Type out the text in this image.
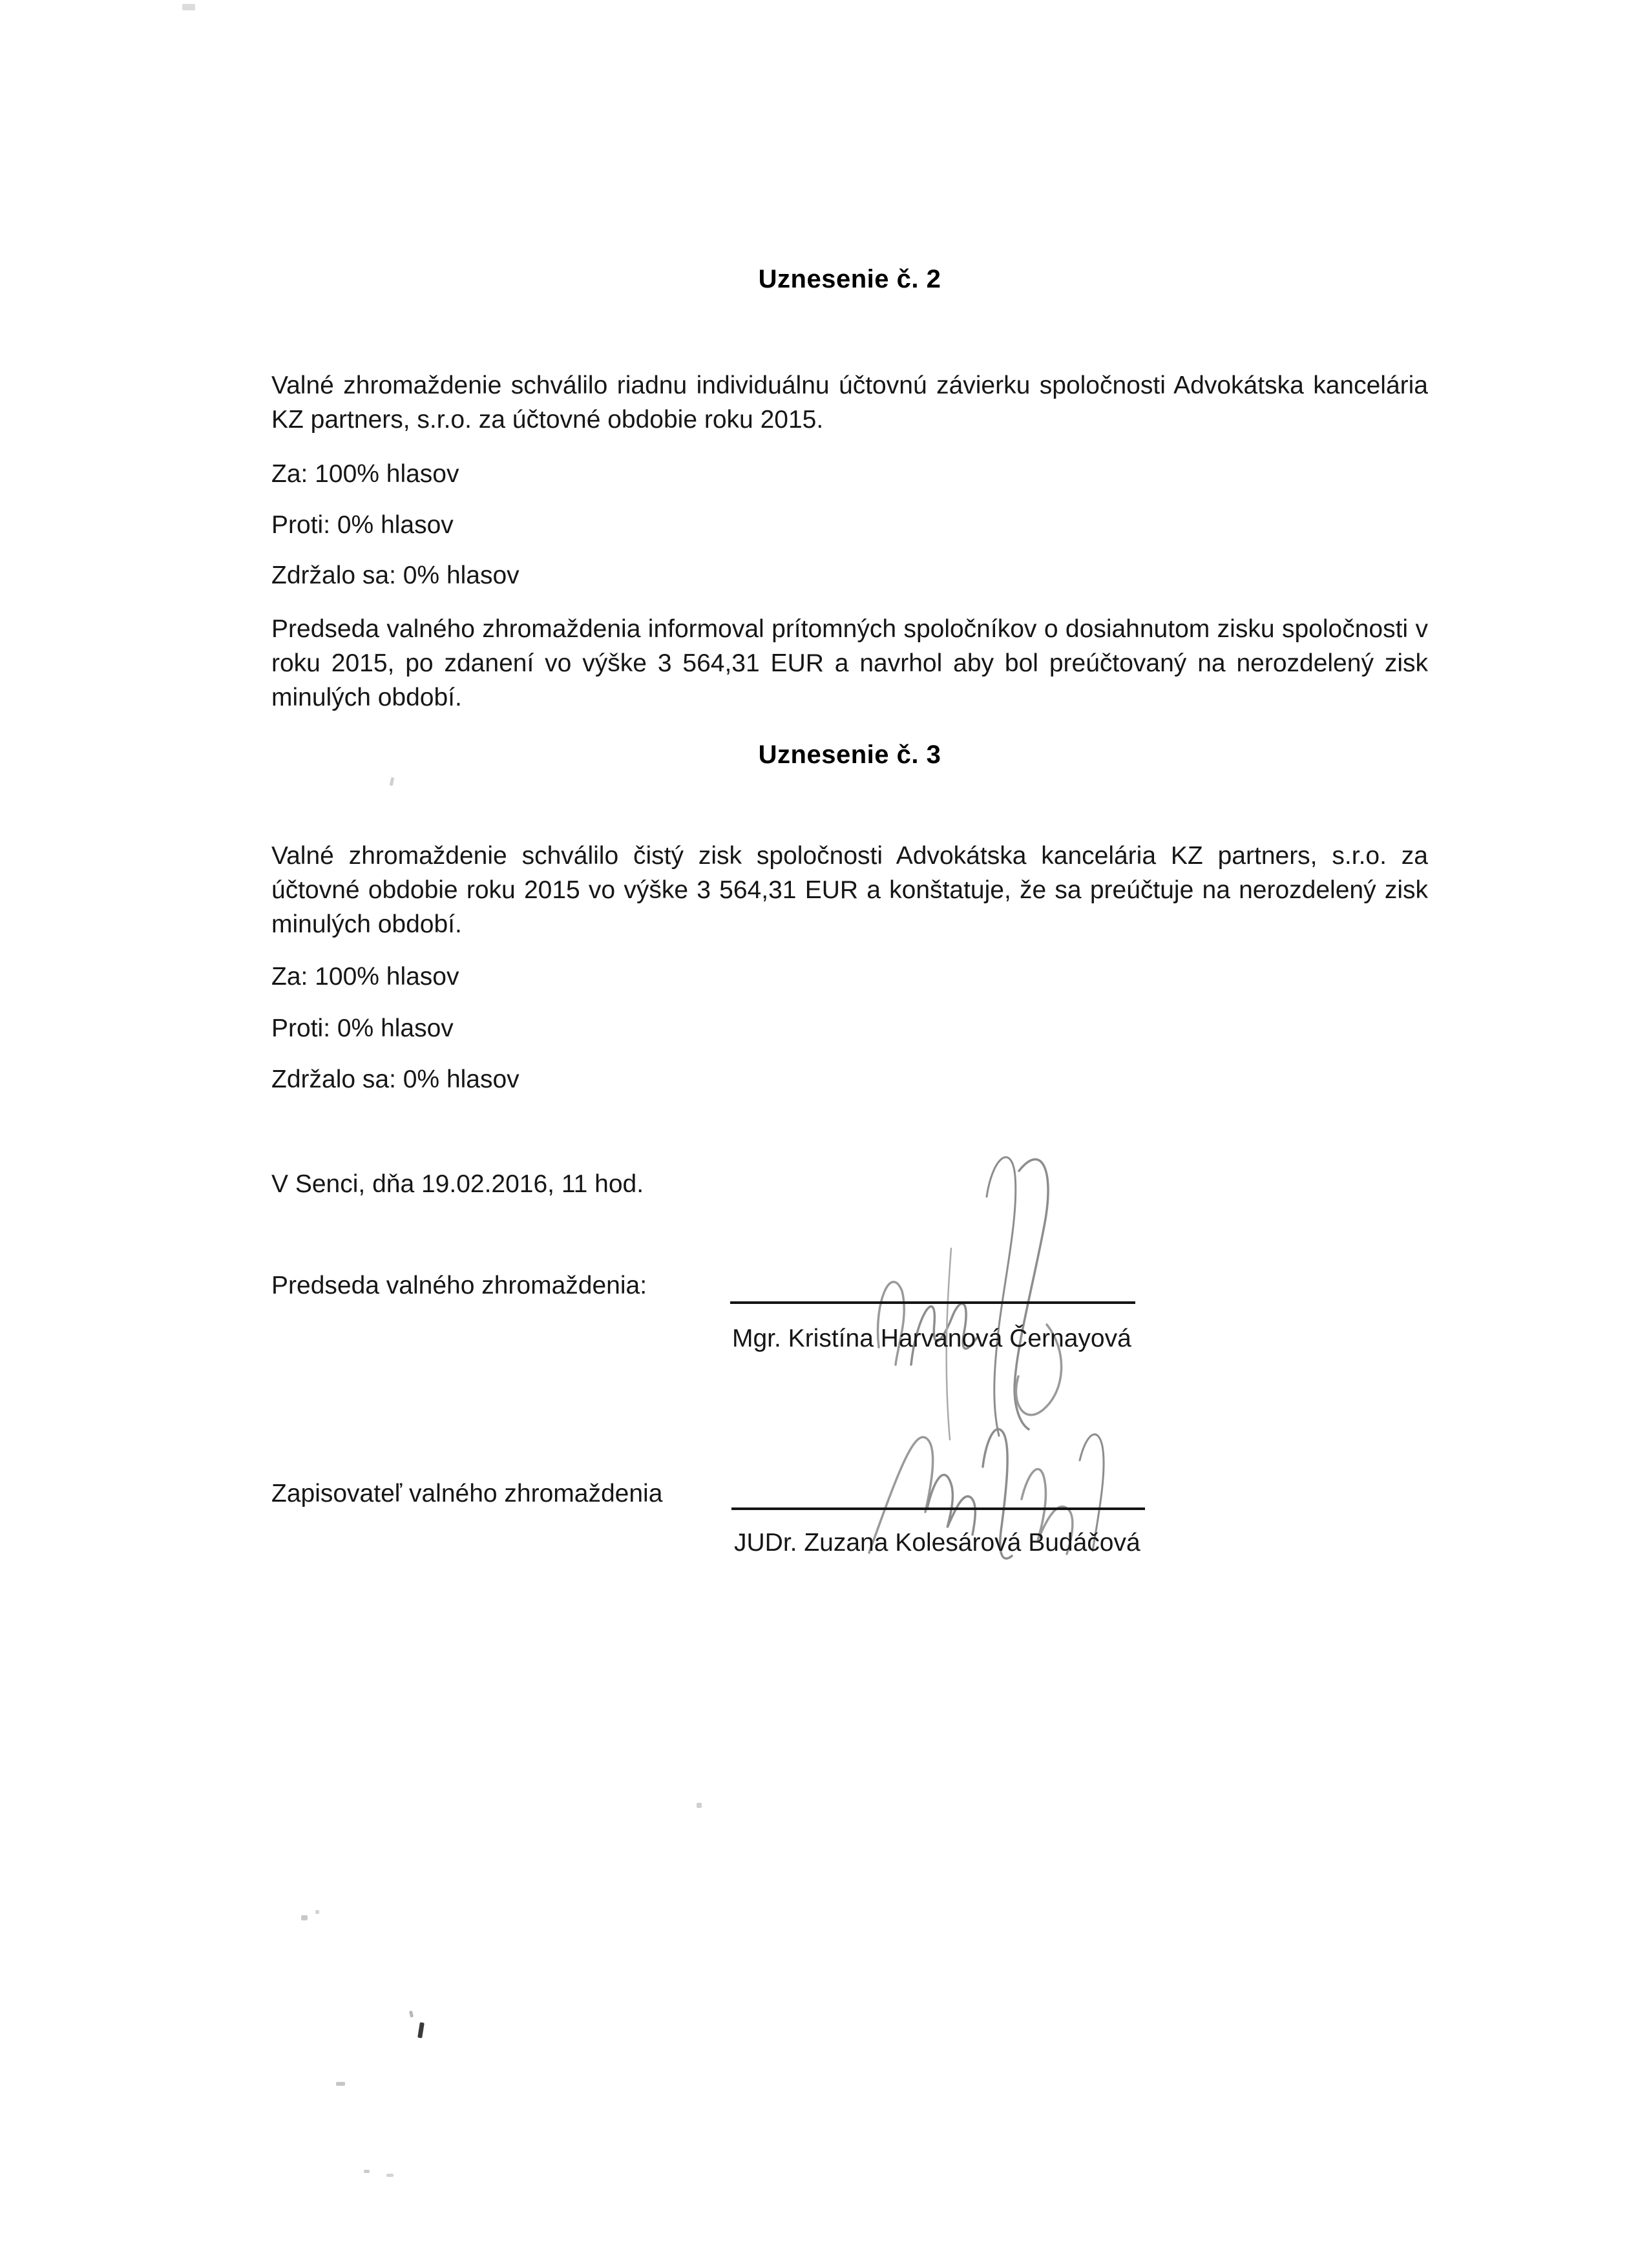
Uznesenie č. 2
Valné zhromaždenie schválilo riadnu individuálnu účtovnú závierku spoločnosti Advokátska kancelária KZ partners, s.r.o. za účtovné obdobie roku 2015.
Za: 100% hlasov
Proti: 0% hlasov
Zdržalo sa: 0% hlasov
Predseda valného zhromaždenia informoval prítomných spoločníkov o dosiahnutom zisku spoločnosti v roku 2015, po zdanení vo výške 3 564,31 EUR a navrhol aby bol preúčtovaný na nerozdelený zisk minulých období.
Uznesenie č. 3
Valné zhromaždenie schválilo čistý zisk spoločnosti Advokátska kancelária KZ partners, s.r.o. za účtovné obdobie roku 2015 vo výške 3 564,31 EUR a konštatuje, že sa preúčtuje na nerozdelený zisk minulých období.
Za: 100% hlasov
Proti: 0% hlasov
Zdržalo sa: 0% hlasov
V Senci, dňa 19.02.2016, 11 hod.
Predseda valného zhromaždenia:
Mgr. Kristína Harvanová Černayová
Zapisovateľ valného zhromaždenia
JUDr. Zuzana Kolesárová Budáčová
